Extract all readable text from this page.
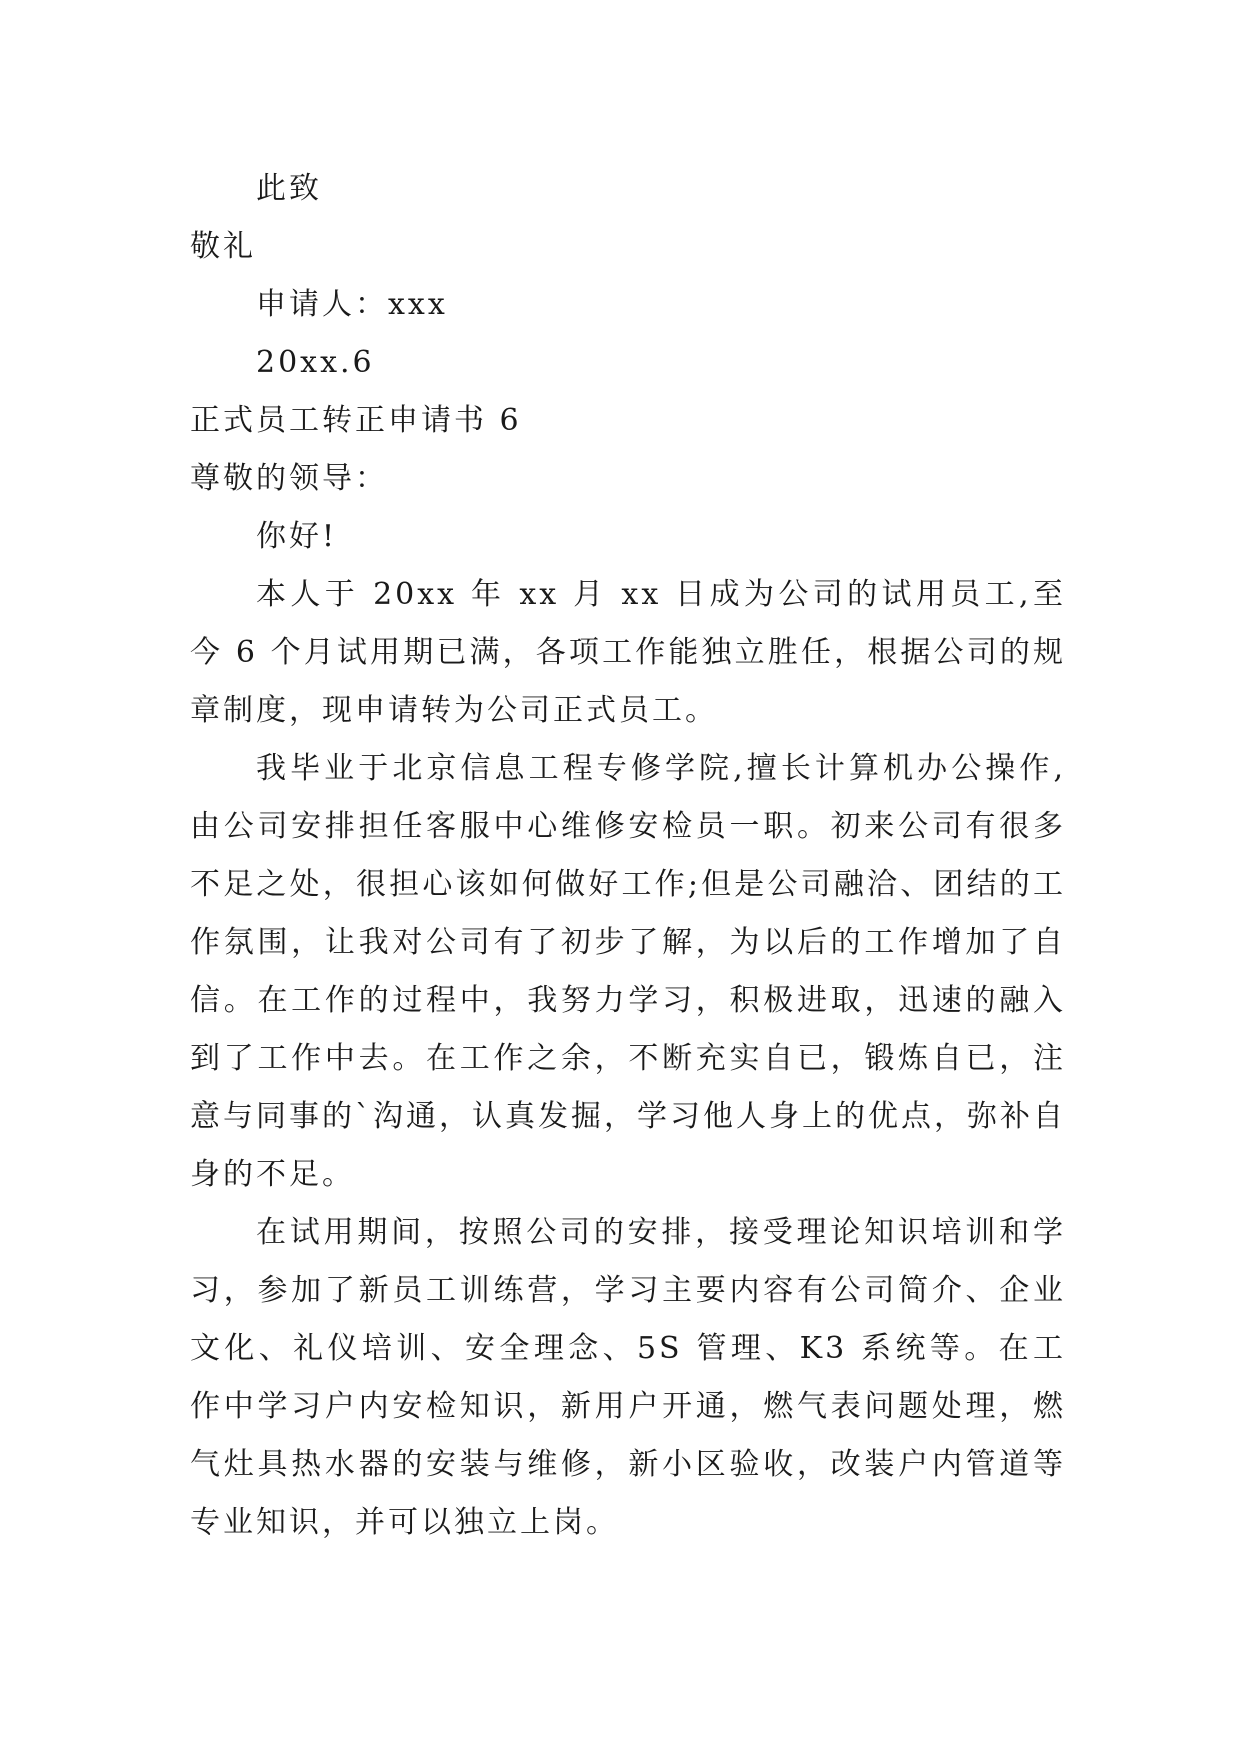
此致

敬礼

申请人：xxx

20xx.6

正式员工转正申请书 6

尊敬的领导：

你好!

本人于 20xx 年 xx 月 xx 日成为公司的试用员工,至今 6 个月试用期已满，各项工作能独立胜任，根据公司的规章制度，现申请转为公司正式员工。

我毕业于北京信息工程专修学院,擅长计算机办公操作,由公司安排担任客服中心维修安检员一职。初来公司有很多不足之处，很担心该如何做好工作;但是公司融洽、团结的工作氛围，让我对公司有了初步了解，为以后的工作增加了自信。在工作的过程中，我努力学习，积极进取，迅速的融入到了工作中去。在工作之余，不断充实自已，锻炼自已，注意与同事的`沟通，认真发掘，学习他人身上的优点，弥补自身的不足。

在试用期间，按照公司的安排，接受理论知识培训和学习，参加了新员工训练营，学习主要内容有公司简介、企业文化、礼仪培训、安全理念、5S 管理、K3 系统等。在工作中学习户内安检知识，新用户开通，燃气表问题处理，燃气灶具热水器的安装与维修，新小区验收，改装户内管道等专业知识，并可以独立上岗。
